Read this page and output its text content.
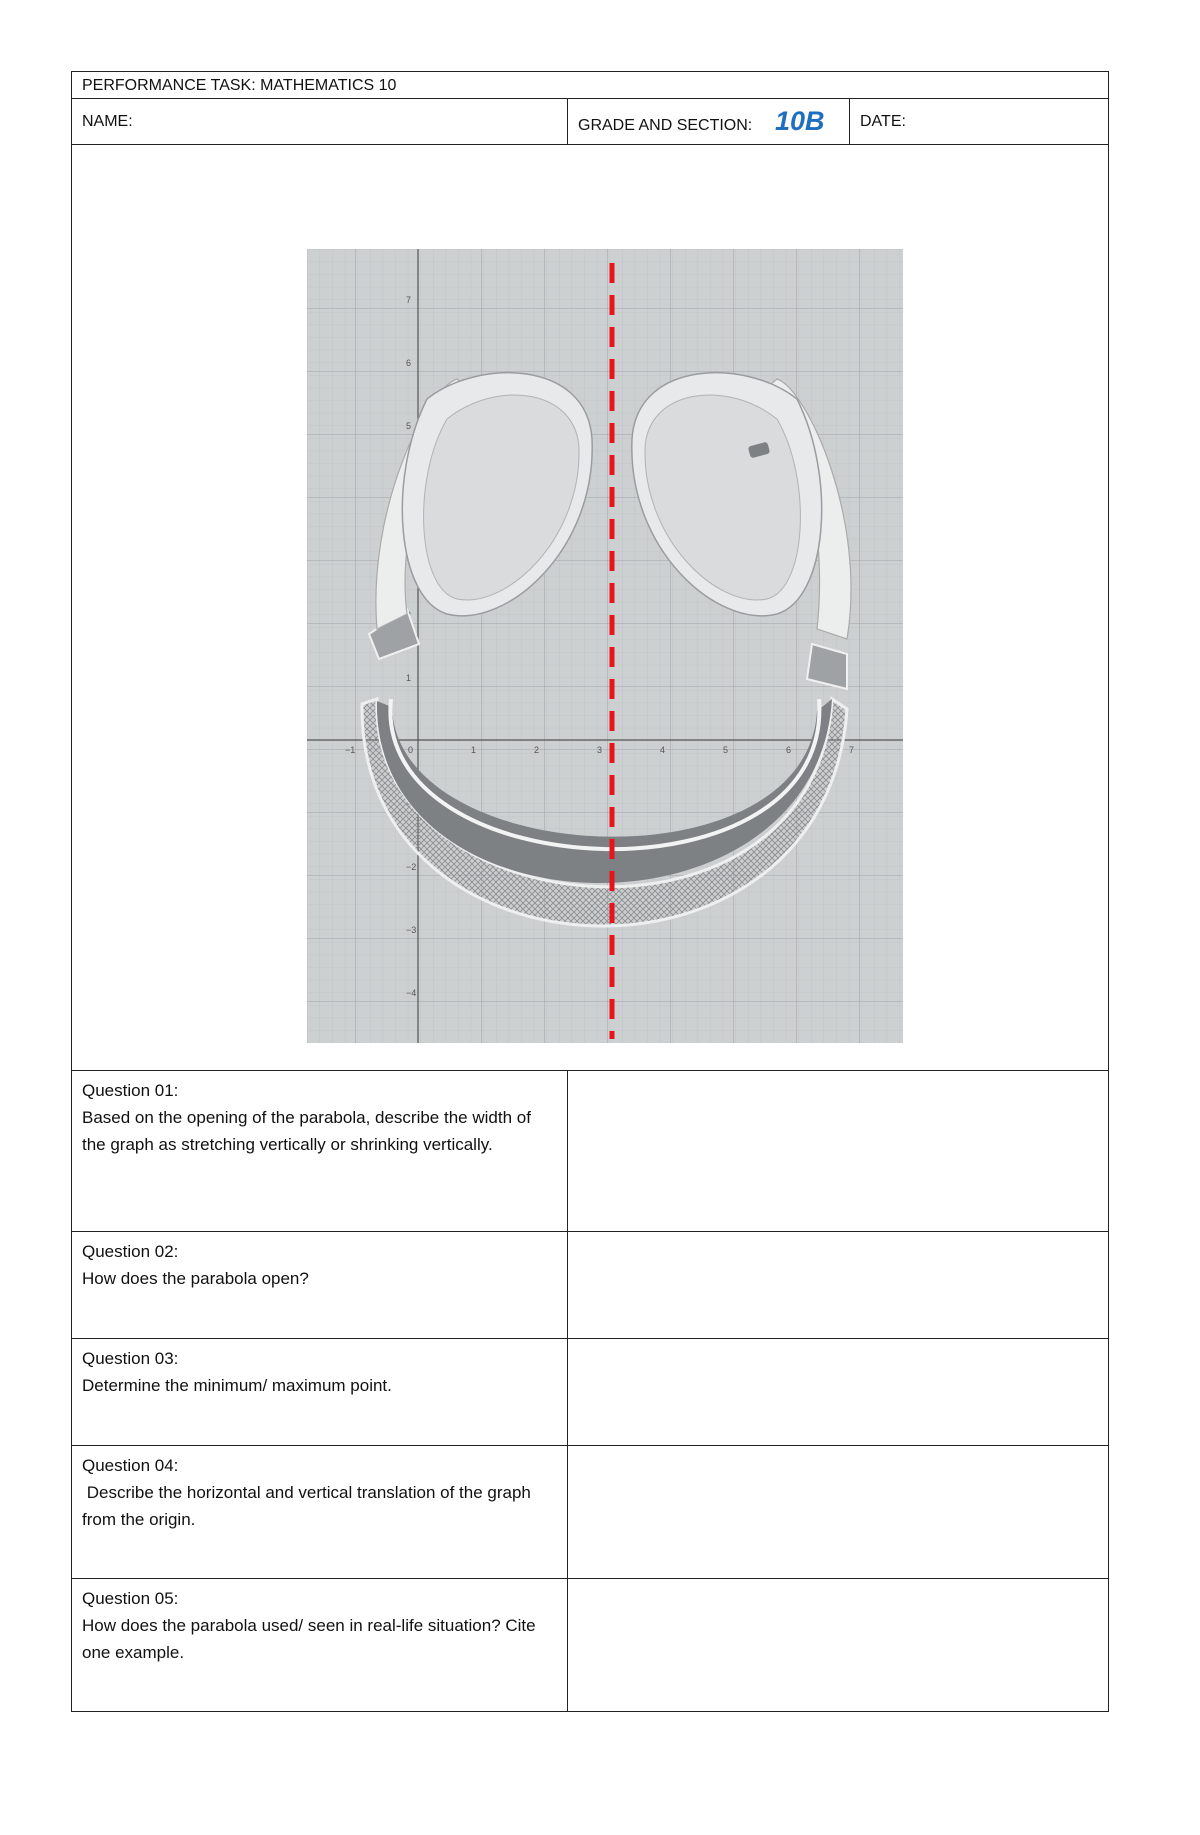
PERFORMANCE TASK: MATHEMATICS 10
NAME:	GRADE AND SECTION: 10B DATE:
−1	0	1	2	3	4	5	6	7
7
6
5
1
−2
−3
−4
Question 01:
Based on the opening of the parabola, describe the width of the graph as stretching vertically or shrinking vertically.
Question 02:
How does the parabola open?
Question 03:
Determine the minimum/ maximum point.
Question 04:
Describe the horizontal and vertical translation of the graph from the origin.
Question 05:
How does the parabola used/ seen in real-life situation? Cite one example.
